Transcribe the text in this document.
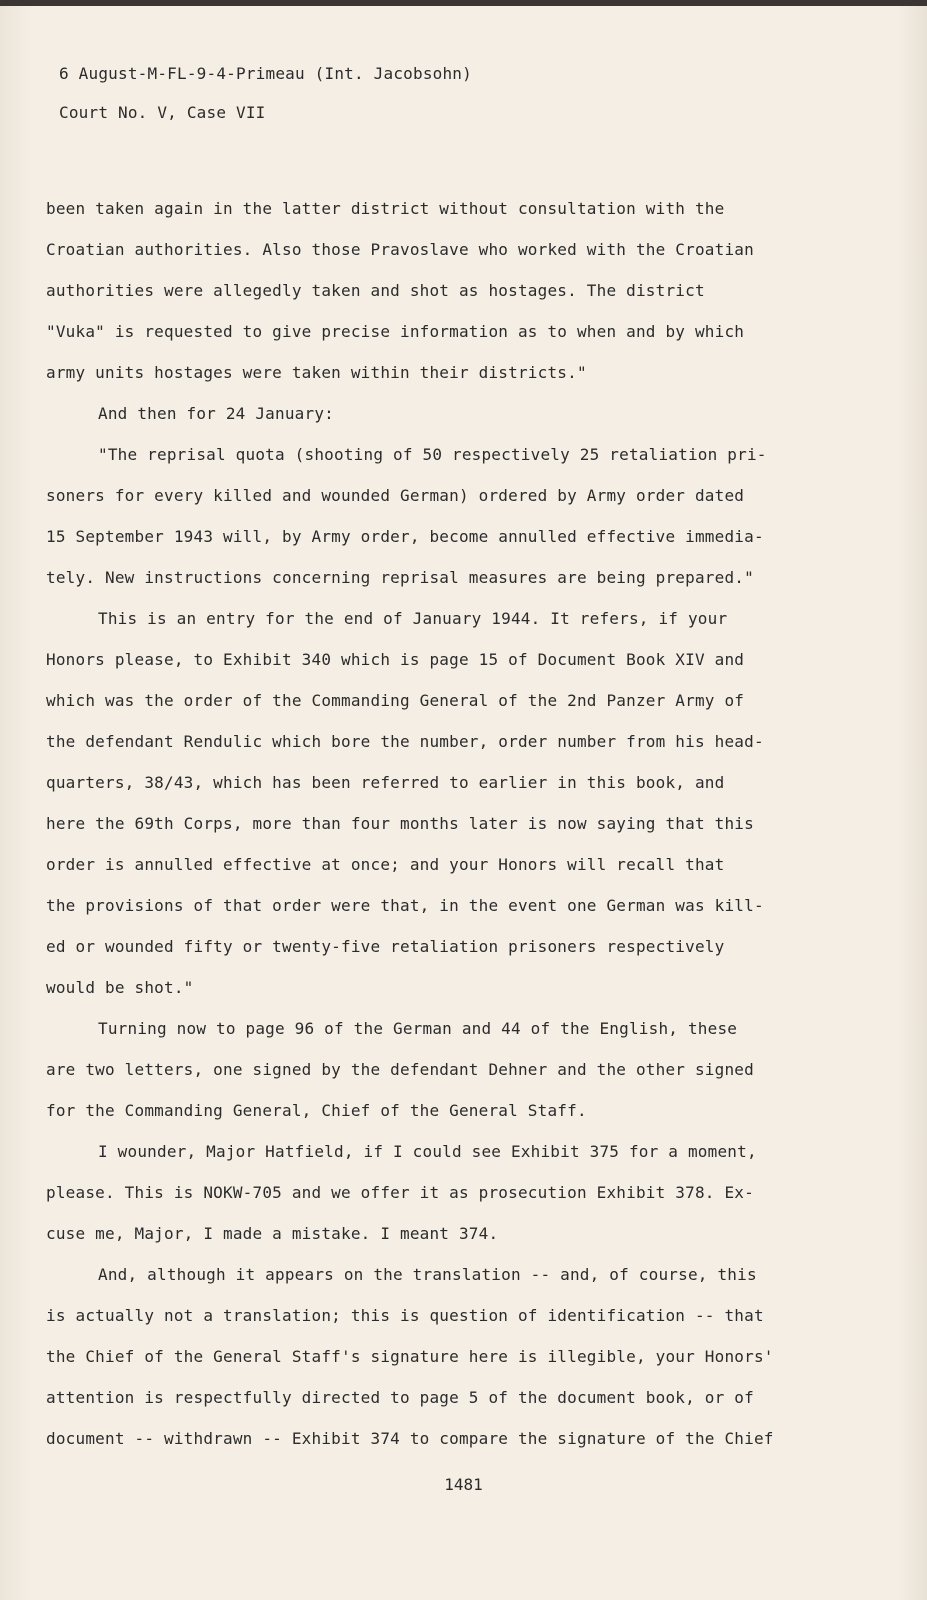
6 August-M-FL-9-4-Primeau (Int. Jacobsohn)
Court No. V, Case VII
been taken again in the latter district without consultation with the
Croatian authorities. Also those Pravoslave who worked with the Croatian
authorities were allegedly taken and shot as hostages. The district
"Vuka" is requested to give precise information as to when and by which
army units hostages were taken within their districts."
And then for 24 January:
"The reprisal quota (shooting of 50 respectively 25 retaliation pri-
soners for every killed and wounded German) ordered by Army order dated
15 September 1943 will, by Army order, become annulled effective immedia-
tely. New instructions concerning reprisal measures are being prepared."
This is an entry for the end of January 1944. It refers, if your
Honors please, to Exhibit 340 which is page 15 of Document Book XIV and
which was the order of the Commanding General of the 2nd Panzer Army of
the defendant Rendulic which bore the number, order number from his head-
quarters, 38/43, which has been referred to earlier in this book, and
here the 69th Corps, more than four months later is now saying that this
order is annulled effective at once; and your Honors will recall that
the provisions of that order were that, in the event one German was kill-
ed or wounded fifty or twenty-five retaliation prisoners respectively
would be shot."
Turning now to page 96 of the German and 44 of the English, these
are two letters, one signed by the defendant Dehner and the other signed
for the Commanding General, Chief of the General Staff.
I wounder, Major Hatfield, if I could see Exhibit 375 for a moment,
please. This is NOKW-705 and we offer it as prosecution Exhibit 378. Ex-
cuse me, Major, I made a mistake. I meant 374.
And, although it appears on the translation -- and, of course, this
is actually not a translation; this is question of identification -- that
the Chief of the General Staff's signature here is illegible, your Honors'
attention is respectfully directed to page 5 of the document book, or of
document -- withdrawn -- Exhibit 374 to compare the signature of the Chief
1481
